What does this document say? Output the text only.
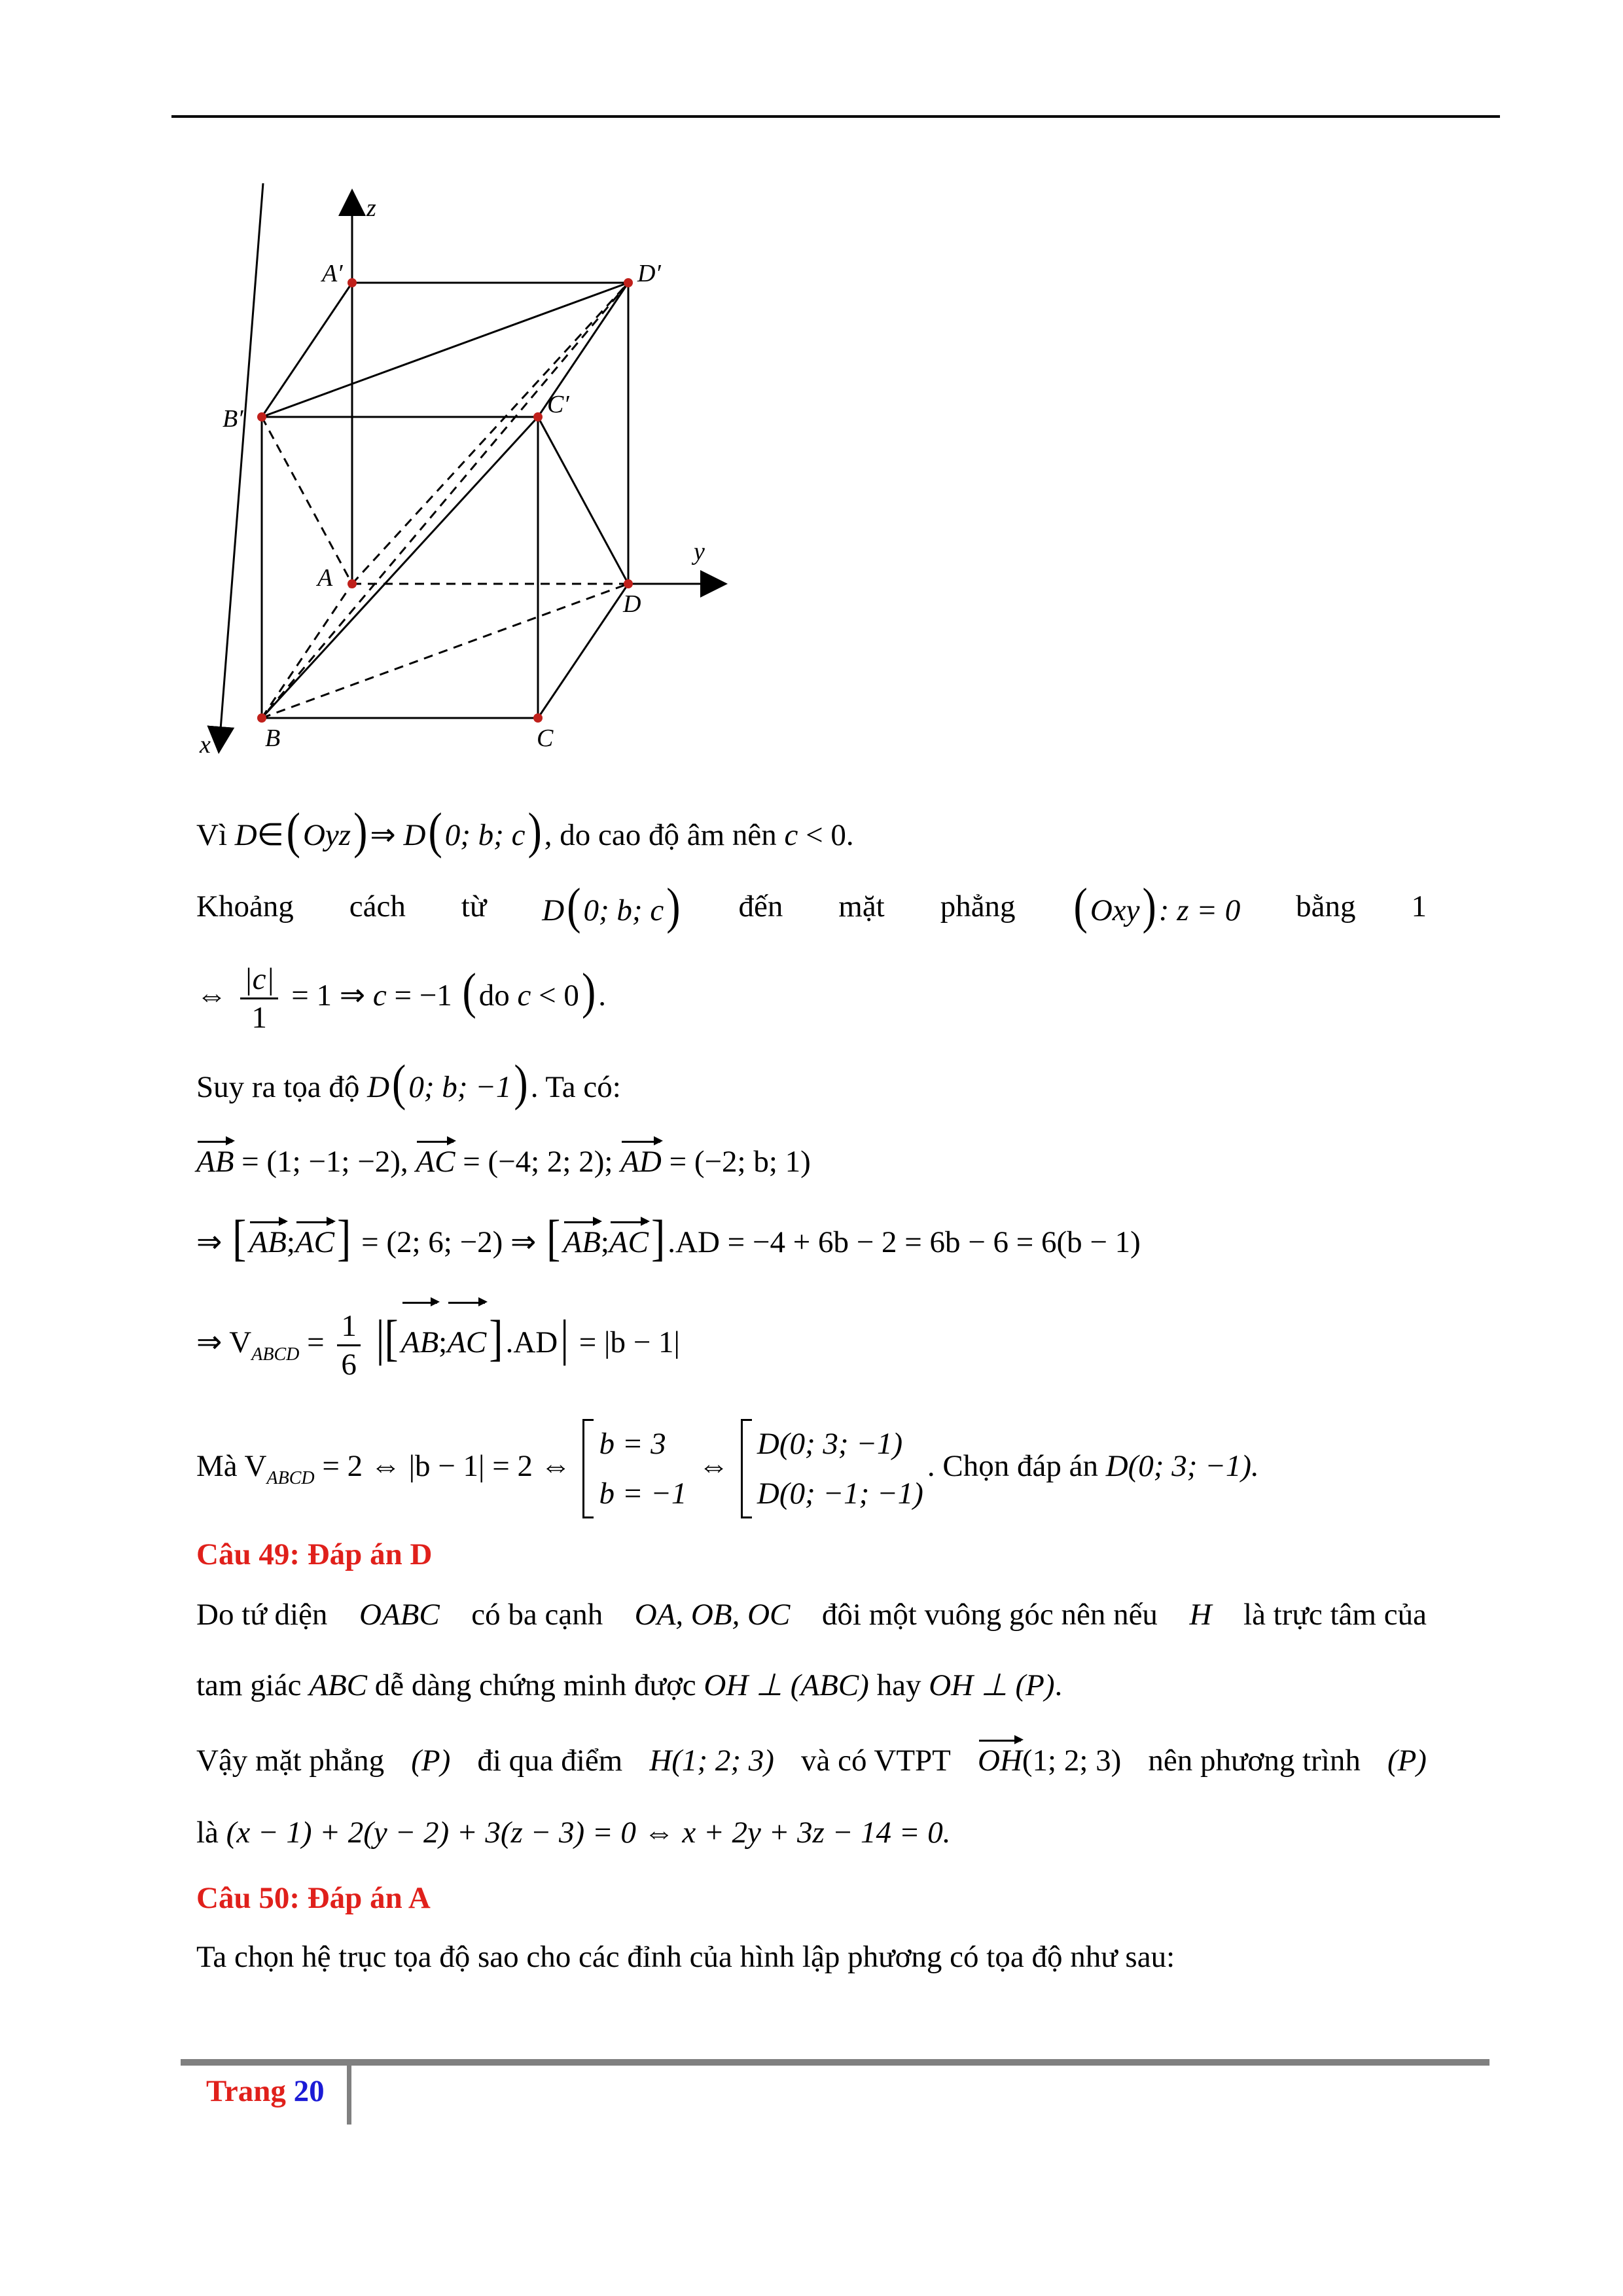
z
y
x
A′	D′
B′
C′
A
D
B	C
Vì D∈(Oyz)⇒ D(0; b; c), do cao độ âm nên c < 0.
Khoảng cách từ D(0; b; c) đến mặt phẳng (Oxy): z = 0 bằng 1
⇔ $\frac{|c|}{1} = 1$ ⇒ c = −1 (do c < 0).
Suy ra tọa độ D(0; b; −1). Ta có:
AB = (1; −1; −2), AC = (−4; 2; 2); AD = (−2; b; 1)
⇒ [AB;AC] = (2; 6; −2) ⇒ [AB;AC].AD = −4 + 6b − 2 = 6b − 6 = 6(b − 1)
⇒ $V_{ABCD} = \frac{1}{6}$ |[AB;AC].AD| = |b − 1|
Mà $V_{ABCD} = 2$ ⇔ |b − 1| = 2 ⇔
b = 3
b = −1
⇔
D(0; 3; −1)
D(0; −1; −1)
. Chọn đáp án D(0; 3; −1).
Câu 49: Đáp án D
Do tứ diện OABC có ba cạnh OA, OB, OC đôi một vuông góc nên nếu H là trực tâm của
tam giác ABC dễ dàng chứng minh được OH ⊥ (ABC) hay OH ⊥ (P).
Vậy mặt phẳng (P) đi qua điểm H(1; 2; 3) và có VTPT OH(1; 2; 3) nên phương trình (P)
là (x − 1) + 2(y − 2) + 3(z − 3) = 0 ⇔ x + 2y + 3z − 14 = 0.
Câu 50: Đáp án A
Ta chọn hệ trục tọa độ sao cho các đỉnh của hình lập phương có tọa độ như sau:
Trang 20
